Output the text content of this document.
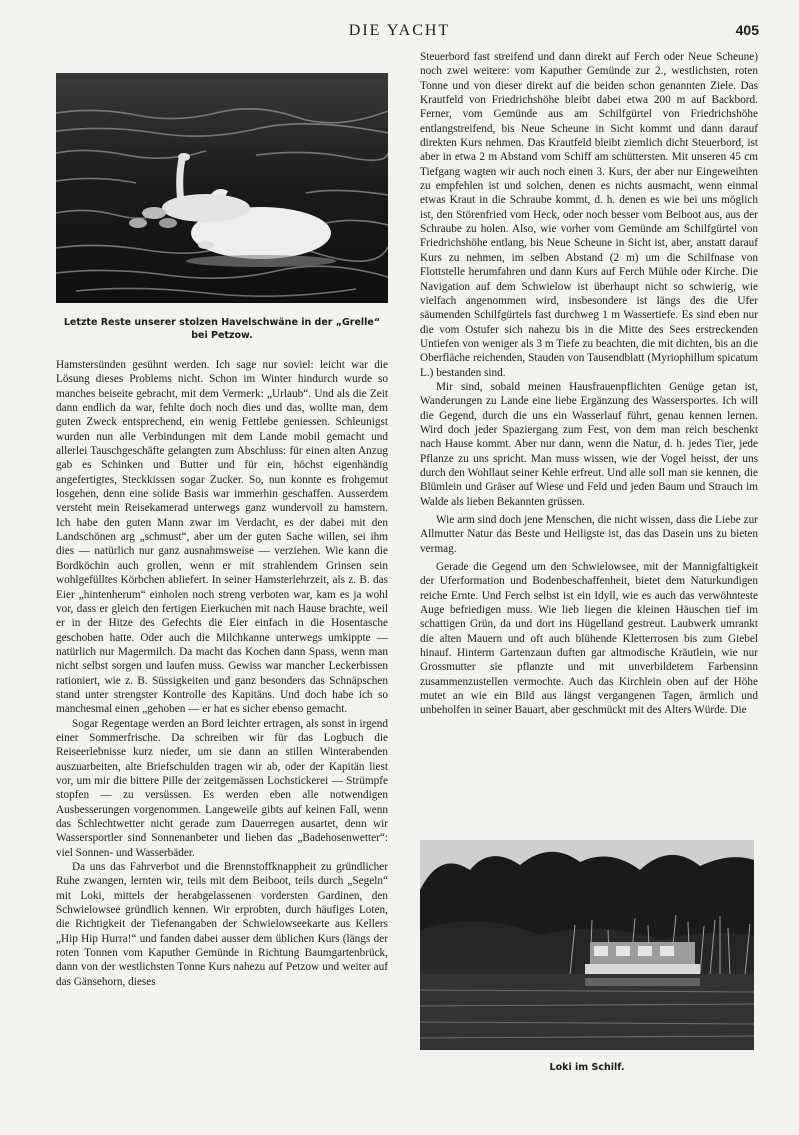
DIE YACHT	405
Letzte Reste unserer stolzen Havelschwäne in der „Grelle“
bei Petzow.

Hamstersünden gesühnt werden. Ich sage nur soviel: leicht war die Lösung dieses Problems nicht. Schon im Winter hindurch wurde so manches beiseite gebracht, mit dem Vermerk: „Urlaub“. Und als die Zeit dann endlich da war, fehlte doch noch dies und das, wollte man, dem guten Zweck entsprechend, ein wenig Fettlebe geniessen. Schleunigst wurden nun alle Verbindungen mit dem Lande mobil gemacht und allerlei Tauschgeschäfte gelangten zum Abschluss: für einen alten Anzug gab es Schinken und Butter und für ein, höchst eigenhändig angefertigtes, Steckkissen sogar Zucker. So, nun konnte es frohgemut losgehen, denn eine solide Basis war immerhin geschaffen. Ausserdem versteht mein Reisekamerad unterwegs ganz wundervoll zu hamstern. Ich habe den guten Mann zwar im Verdacht, es der dabei mit den Landschönen arg „schmust“, aber um der guten Sache willen, sei ihm dies — natürlich nur ganz ausnahmsweise — verziehen. Wie kann die Bordköchin auch grollen, wenn er mit strahlendem Grinsen sein wohlgefülltes Körbchen abliefert. In seiner Hamsterlehrzeit, als z. B. das Eier „hintenherum“ einholen noch streng verboten war, kam es ja wohl vor, dass er gleich den fertigen Eierkuchen mit nach Hause brachte, weil er in der Hitze des Gefechts die Eier einfach in die Hosentasche geschoben hatte. Oder auch die Milchkanne unterwegs umkippte — natürlich nur Magermilch. Da macht das Kochen dann Spass, wenn man nicht selbst sorgen und laufen muss. Gewiss war mancher Leckerbissen rationiert, wie z. B. Süssigkeiten und ganz besonders das Schnäpschen stand unter strengster Kontrolle des Kapitäns. Und doch habe ich so manchesmal einen „gehoben — er hat es sicher ebenso gemacht.

Sogar Regentage werden an Bord leichter ertragen, als sonst in irgend einer Sommerfrische. Da schreiben wir für das Logbuch die Reiseerlebnisse kurz nieder, um sie dann an stillen Winterabenden auszuarbeiten, alte Briefschulden tragen wir ab, oder der Kapitän liest vor, um mir die bittere Pille der zeitgemässen Lochstickerei — Strümpfe stopfen — zu versüssen. Es werden eben alle notwendigen Ausbesserungen vorgenommen. Langeweile gibts auf keinen Fall, wenn das Schlechtwetter nicht gerade zum Dauerregen ausartet, denn wir Wassersportler sind Sonnenanbeter und lieben das „Badehosenwetter“: viel Sonnen- und Wasserbäder.

Da uns das Fahrverbot und die Brennstoffknappheit zu gründlicher Ruhe zwangen, lernten wir, teils mit dem Beiboot, teils durch „Segeln“ mit Loki, mittels der herabgelassenen vordersten Gardinen, den Schwielowsee gründlich kennen. Wir erprobten, durch häufiges Loten, die Richtigkeit der Tiefenangaben der Schwielowseekarte aus Kellers „Hip Hip Hurra!“ und fanden dabei ausser dem üblichen Kurs (längs der roten Tonnen vom Kaputher Gemünde in Richtung Baumgartenbrück, dann von der westlichsten Tonne Kurs nahezu auf Petzow und weiter auf das Gänsehorn, dieses

Steuerbord fast streifend und dann direkt auf Ferch oder Neue Scheune) noch zwei weitere: vom Kaputher Gemünde zur 2., westlichsten, roten Tonne und von dieser direkt auf die beiden schon genannten Ziele. Das Krautfeld von Friedrichshöhe bleibt dabei etwa 200 m auf Backbord. Ferner, vom Gemünde aus am Schilfgürtel von Friedrichshöhe entlangstreifend, bis Neue Scheune in Sicht kommt und dann darauf direkten Kurs nehmen. Das Krautfeld bleibt ziemlich dicht Steuerbord, ist aber in etwa 2 m Abstand vom Schiff am schüttersten. Mit unseren 45 cm Tiefgang wagten wir auch noch einen 3. Kurs, der aber nur Eingeweihten zu empfehlen ist und solchen, denen es nichts ausmacht, wenn einmal etwas Kraut in die Schraube kommt, d. h. denen es wie bei uns möglich ist, den Störenfried vom Heck, oder noch besser vom Beiboot aus, aus der Schraube zu holen. Also, wie vorher vom Gemünde am Schilfgürtel von Friedrichshöhe entlang, bis Neue Scheune in Sicht ist, aber, anstatt darauf Kurs zu nehmen, im selben Abstand (2 m) um die Schilfnase von Flottstelle herumfahren und dann Kurs auf Ferch Mühle oder Kirche. Die Navigation auf dem Schwielow ist überhaupt nicht so schwierig, wie vielfach angenommen wird, insbesondere ist längs des die Ufer säumenden Schilfgürtels fast durchweg 1 m Wassertiefe. Es sind eben nur die vom Ostufer sich nahezu bis in die Mitte des Sees erstreckenden Untiefen von weniger als 3 m Tiefe zu beachten, die mit dichten, bis an die Oberfläche reichenden, Stauden von Tausendblatt (Myriophillum spicatum L.) bestanden sind.

Mir sind, sobald meinen Hausfrauenpflichten Genüge getan ist, Wanderungen zu Lande eine liebe Ergänzung des Wassersportes. Ich will die Gegend, durch die uns ein Wasserlauf führt, genau kennen lernen. Wird doch jeder Spaziergang zum Fest, von dem man reich beschenkt nach Hause kommt. Aber nur dann, wenn die Natur, d. h. jedes Tier, jede Pflanze zu uns spricht. Man muss wissen, wie der Vogel heisst, der uns durch den Wohllaut seiner Kehle erfreut. Und alle soll man sie kennen, die Blümlein und Gräser auf Wiese und Feld und jeden Baum und Strauch im Walde als lieben Bekannten grüssen.

Wie arm sind doch jene Menschen, die nicht wissen, dass die Liebe zur Allmutter Natur das Beste und Heiligste ist, das das Dasein uns zu bieten vermag.

Gerade die Gegend um den Schwielowsee, mit der Mannigfaltigkeit der Uferformation und Bodenbeschaffenheit, bietet dem Naturkundigen reiche Ernte. Und Ferch selbst ist ein Idyll, wie es auch das verwöhnteste Auge befriedigen muss. Wie lieb liegen die kleinen Häuschen tief im schattigen Grün, da und dort ins Hügelland gestreut. Laubwerk umrankt die alten Mauern und oft auch blühende Kletterrosen bis zum Giebel hinauf. Hinterm Gartenzaun duften gar altmodische Kräutlein, wie nur Grossmutter sie pflanzte und mit unverbildetem Farbensinn zusammenzustellen vermochte. Auch das Kirchlein oben auf der Höhe mutet an wie ein Bild aus längst vergangenen Tagen, ärmlich und unbeholfen in seiner Bauart, aber geschmückt mit des Alters Würde. Die

Loki im Schilf.
